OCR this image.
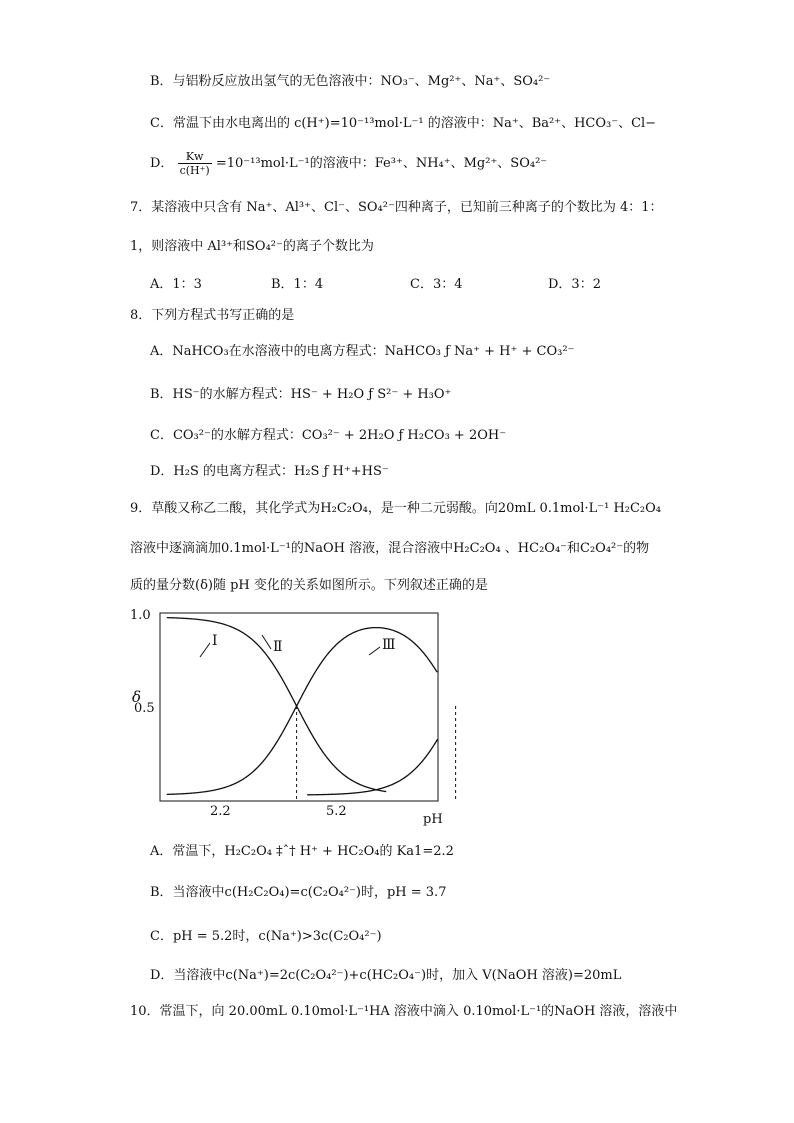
B．与铝粉反应放出氢气的无色溶液中：NO₃⁻、Mg²⁺、Na⁺、SO₄²⁻
C．常温下由水电离出的 c(H⁺)=10⁻¹³mol·L⁻¹ 的溶液中：Na⁺、Ba²⁺、HCO₃⁻、Cl−
D． $\frac{Kw}{c(H^+)} =10^{-13}mol\cdot L^{-1}$的溶液中：Fe³⁺、NH₄⁺、Mg²⁺、SO₄²⁻
7．某溶液中只含有 Na⁺、Al³⁺、Cl⁻、SO₄²⁻四种离子，已知前三种离子的个数比为 4：1：
1，则溶液中 Al³⁺和SO₄²⁻的离子个数比为
A．1：3	B．1：4	C．3：4	D．3：2
8．下列方程式书写正确的是
A．NaHCO₃在水溶液中的电离方程式：NaHCO₃ ƒ Na⁺ + H⁺ + CO₃²⁻
B．HS⁻的水解方程式：HS⁻ + H₂O ƒ S²⁻ + H₃O⁺
C．CO₃²⁻的水解方程式：CO₃²⁻ + 2H₂O ƒ H₂CO₃ + 2OH⁻
D．H₂S 的电离方程式：H₂S ƒ H⁺+HS⁻
9．草酸又称乙二酸，其化学式为H₂C₂O₄，是一种二元弱酸。向20mL 0.1mol·L⁻¹ H₂C₂O₄
溶液中逐滴滴加0.1mol·L⁻¹的NaOH 溶液，混合溶液中H₂C₂O₄ 、HC₂O₄⁻和C₂O₄²⁻的物
质的量分数(δ)随 pH 变化的关系如图所示。下列叙述正确的是
1.0
0.5
δ
2.2	5.2
pH
Ⅰ	Ⅱ	Ⅲ
A．常温下，H₂C₂O₄ ‡ˆ† H⁺ + HC₂O₄的 Ka1=2.2
B．当溶液中c(H₂C₂O₄)=c(C₂O₄²⁻)时，pH = 3.7
C．pH = 5.2时，c(Na⁺)>3c(C₂O₄²⁻)
D．当溶液中c(Na⁺)=2c(C₂O₄²⁻)+c(HC₂O₄⁻)时，加入 V(NaOH 溶液)=20mL
10．常温下，向 20.00mL 0.10mol·L⁻¹HA 溶液中滴入 0.10mol·L⁻¹的NaOH 溶液，溶液中
